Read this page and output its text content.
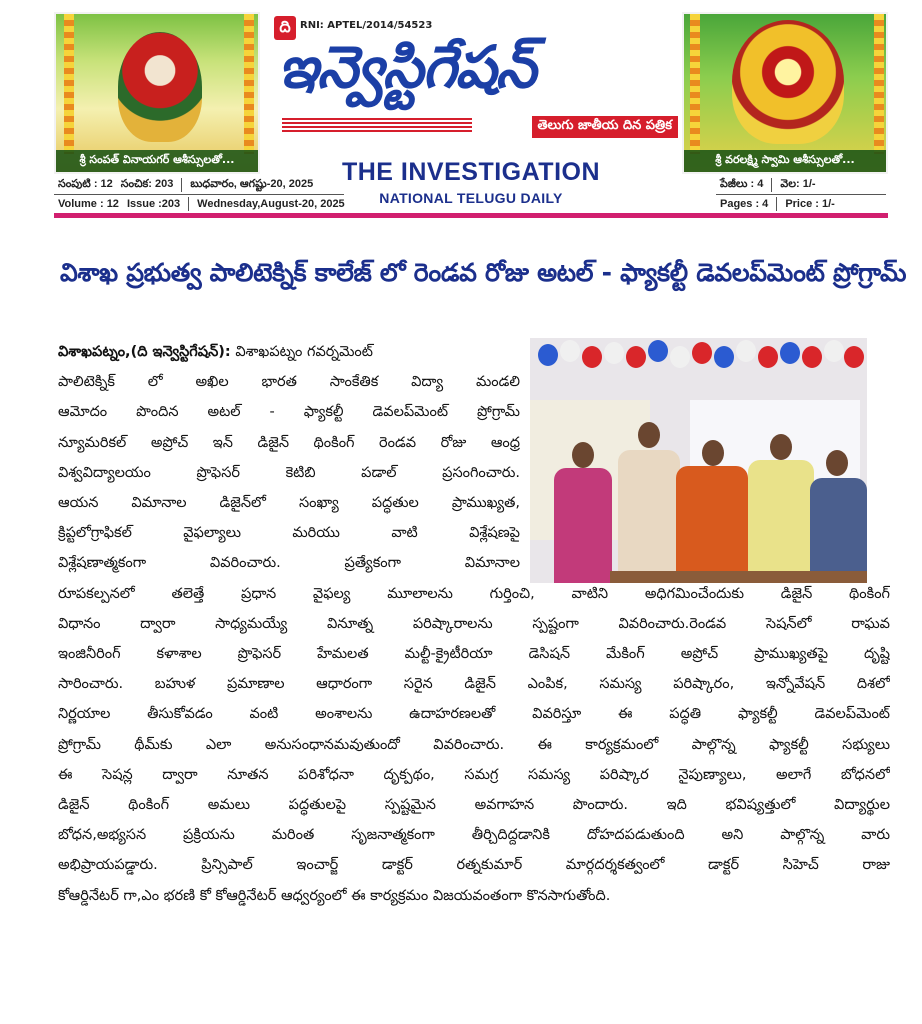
శ్రీ సంపత్ వినాయగర్ ఆశీస్సులతో...
ది RNI: APTEL/2014/54523
ఇన్వెస్టిగేషన్
తెలుగు జాతీయ దిన పత్రిక
THE INVESTIGATION
NATIONAL TELUGU DAILY
శ్రీ వరలక్ష్మి స్వామి ఆశీస్సులతో...
సంపుటి : 12 సంచిక: 203	బుధవారం, ఆగష్టు-20, 2025
Volume : 12 Issue :203	Wednesday,August-20, 2025
పేజీలు : 4	వెల: 1/-
Pages : 4	Price : 1/-
విశాఖ ప్రభుత్వ పాలిటెక్నిక్ కాలేజ్ లో రెండవ రోజు అటల్ - ఫ్యాకల్టీ డెవలప్‌మెంట్ ప్రోగ్రామ్
విశాఖపట్నం,(ది ఇన్వెస్టిగేషన్): విశాఖపట్నం గవర్నమెంట్
పాలిటెక్నిక్ లో అఖిల భారత సాంకేతిక విద్యా మండలి
ఆమోదం పొందిన అటల్ - ఫ్యాకల్టీ డెవలప్‌మెంట్ ప్రోగ్రామ్
న్యూమరికల్ అప్రోచ్ ఇన్ డిజైన్ థింకింగ్ రెండవ రోజు ఆంధ్ర
విశ్వవిద్యాలయం ప్రొఫెసర్ కెటిబి పడాల్ ప్రసంగించారు.
ఆయన విమానాల డిజైన్‌లో సంఖ్యా పద్ధతుల ప్రాముఖ్యత,
క్రిప్టలోగ్రాఫికల్ వైఫల్యాలు మరియు వాటి విశ్లేషణపై
విశ్లేషణాత్మకంగా వివరించారు. ప్రత్యేకంగా విమానాల
రూపకల్పనలో తలెత్తే ప్రధాన వైఫల్య మూలాలను గుర్తించి, వాటిని అధిగమించేందుకు డిజైన్ థింకింగ్
విధానం ద్వారా సాధ్యమయ్యే వినూత్న పరిష్కారాలను స్పష్టంగా వివరించారు.రెండవ సెషన్‌లో రాఘవ
ఇంజినీరింగ్ కళాశాల ప్రొఫెసర్ హేమలత మల్టీ-క్రైటీరియా డెసిషన్ మేకింగ్ అప్రోచ్ ప్రాముఖ్యతపై దృష్టి
సారించారు. బహుళ ప్రమాణాల ఆధారంగా సరైన డిజైన్ ఎంపిక, సమస్య పరిష్కారం, ఇన్నోవేషన్ దిశలో
నిర్ణయాల తీసుకోవడం వంటి అంశాలను ఉదాహరణలతో వివరిస్తూ ఈ పద్ధతి ఫ్యాకల్టీ డెవలప్‌మెంట్
ప్రోగ్రామ్ థీమ్‌కు ఎలా అనుసంధానమవుతుందో వివరించారు. ఈ కార్యక్రమంలో పాల్గొన్న ఫ్యాకల్టీ సభ్యులు
ఈ సెషన్ల ద్వారా నూతన పరిశోధనా దృక్పథం, సమగ్ర సమస్య పరిష్కార నైపుణ్యాలు, అలాగే బోధనలో
డిజైన్ థింకింగ్ అమలు పద్ధతులపై స్పష్టమైన అవగాహన పొందారు. ఇది భవిష్యత్తులో విద్యార్థుల
బోధన,అభ్యసన ప్రక్రియను మరింత సృజనాత్మకంగా తీర్చిదిద్దడానికి దోహదపడుతుంది అని పాల్గొన్న వారు
అభిప్రాయపడ్డారు. ప్రిన్సిపాల్ ఇంచార్జ్ డాక్టర్ రత్నకుమార్ మార్గదర్శకత్వంలో డాక్టర్ సిహెచ్ రాజు
కోఆర్డినేటర్ గా,ఎం భరణి కో కోఆర్డినేటర్ ఆధ్వర్యంలో ఈ కార్యక్రమం విజయవంతంగా కొనసాగుతోంది.
